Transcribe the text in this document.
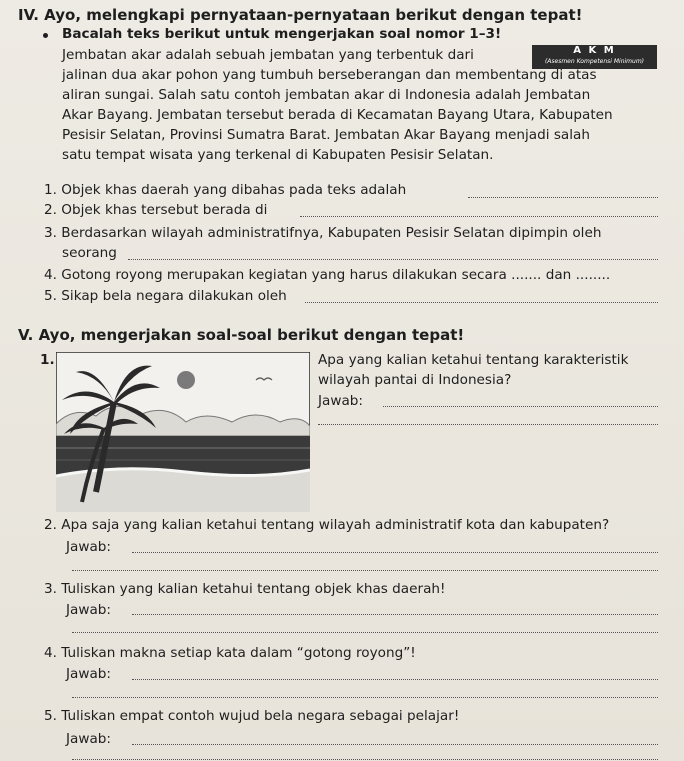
IV. Ayo, melengkapi pernyataan-pernyataan berikut dengan tepat!
Bacalah teks berikut untuk mengerjakan soal nomor 1–3!
A K M
(Asesmen Kompetensi Minimum)
Jembatan akar adalah sebuah jembatan yang terbentuk dari
jalinan dua akar pohon yang tumbuh berseberangan dan membentang di atas
aliran sungai. Salah satu contoh jembatan akar di Indonesia adalah Jembatan
Akar Bayang. Jembatan tersebut berada di Kecamatan Bayang Utara, Kabupaten
Pesisir Selatan, Provinsi Sumatra Barat. Jembatan Akar Bayang menjadi salah
satu tempat wisata yang terkenal di Kabupaten Pesisir Selatan.
1. Objek khas daerah yang dibahas pada teks adalah
2. Objek khas tersebut berada di
3. Berdasarkan wilayah administratifnya, Kabupaten Pesisir Selatan dipimpin oleh
seorang
4. Gotong royong merupakan kegiatan yang harus dilakukan secara ....... dan ........
5. Sikap bela negara dilakukan oleh
V. Ayo, mengerjakan soal-soal berikut dengan tepat!
1.	Apa yang kalian ketahui tentang karakteristik
wilayah pantai di Indonesia?
Jawab:
2. Apa saja yang kalian ketahui tentang wilayah administratif kota dan kabupaten?
Jawab:
3. Tuliskan yang kalian ketahui tentang objek khas daerah!
Jawab:
4. Tuliskan makna setiap kata dalam “gotong royong”!
Jawab:
5. Tuliskan empat contoh wujud bela negara sebagai pelajar!
Jawab:
